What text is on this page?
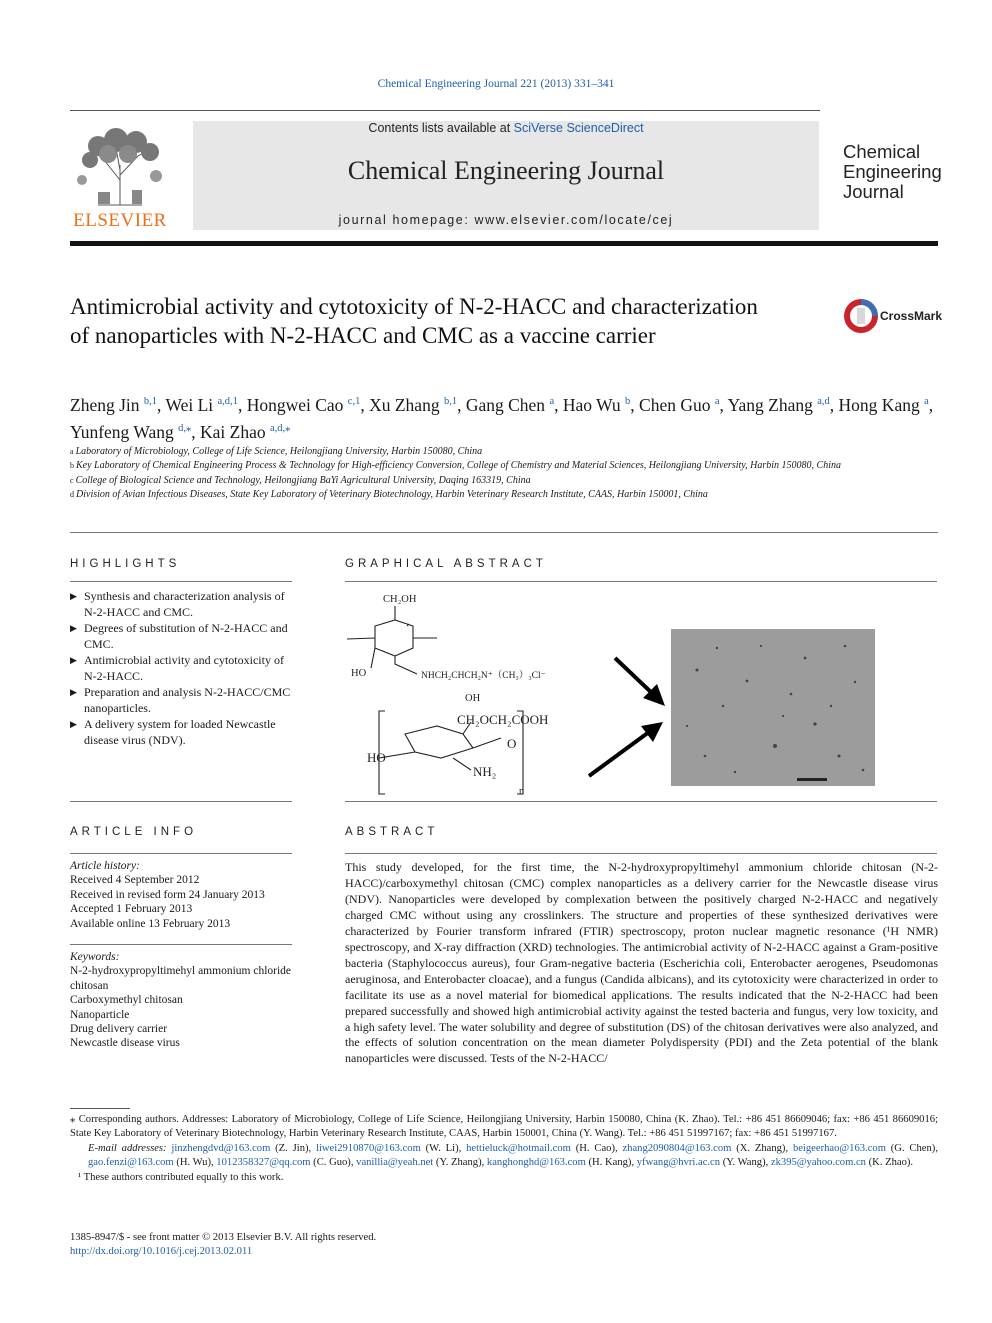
Chemical Engineering Journal 221 (2013) 331–341
ELSEVIER
Contents lists available at SciVerse ScienceDirect
Chemical Engineering Journal
journal homepage: www.elsevier.com/locate/cej
Chemical
Engineering
Journal
Antimicrobial activity and cytotoxicity of N-2-HACC and characterization of nanoparticles with N-2-HACC and CMC as a vaccine carrier
CrossMark
Zheng Jin $^{b,1}$, Wei Li $^{a,d,1}$, Hongwei Cao $^{c,1}$, Xu Zhang $^{b,1}$, Gang Chen $^a$, Hao Wu $^b$, Chen Guo $^a$, Yang Zhang $^{a,d}$, Hong Kang $^a$, Yunfeng Wang $^{d,⁎}$, Kai Zhao $^{a,d,⁎}$
$^a$ Laboratory of Microbiology, College of Life Science, Heilongjiang University, Harbin 150080, China
$^b$ Key Laboratory of Chemical Engineering Process & Technology for High-efficiency Conversion, College of Chemistry and Material Sciences, Heilongjiang University, Harbin 150080, China
$^c$ College of Biological Science and Technology, Heilongjiang BaYi Agricultural University, Daqing 163319, China
$^d$ Division of Avian Infectious Diseases, State Key Laboratory of Veterinary Biotechnology, Harbin Veterinary Research Institute, CAAS, Harbin 150001, China
HIGHLIGHTS
▶ Synthesis and characterization analysis of N-2-HACC and CMC.
▶ Degrees of substitution of N-2-HACC and CMC.
▶ Antimicrobial activity and cytotoxicity of N-2-HACC.
▶ Preparation and analysis N-2-HACC/CMC nanoparticles.
▶ A delivery system for loaded Newcastle disease virus (NDV).
GRAPHICAL ABSTRACT
CH₂OH
HO	NHCH₂CHCH₂N⁺（CH₃）₃Cl⁻
OH
CH₂OCH₂COOH
HO
O
NH₂
n
ARTICLE INFO
Article history:
Received 4 September 2012
Received in revised form 24 January 2013
Accepted 1 February 2013
Available online 13 February 2013
Keywords:
N-2-hydroxypropyltimehyl ammonium chloride chitosan
Carboxymethyl chitosan
Nanoparticle
Drug delivery carrier
Newcastle disease virus
ABSTRACT
This study developed, for the first time, the N-2-hydroxypropyltimehyl ammonium chloride chitosan (N-2-HACC)/carboxymethyl chitosan (CMC) complex nanoparticles as a delivery carrier for the Newcastle disease virus (NDV). Nanoparticles were developed by complexation between the positively charged N-2-HACC and negatively charged CMC without using any crosslinkers. The structure and properties of these synthesized derivatives were characterized by Fourier transform infrared (FTIR) spectroscopy, proton nuclear magnetic resonance (¹H NMR) spectroscopy, and X-ray diffraction (XRD) technologies. The antimicrobial activity of N-2-HACC against a Gram-positive bacteria (Staphylococcus aureus), four Gram-negative bacteria (Escherichia coli, Enterobacter aerogenes, Pseudomonas aeruginosa, and Enterobacter cloacae), and a fungus (Candida albicans), and its cytotoxicity were characterized in order to facilitate its use as a novel material for biomedical applications. The results indicated that the N-2-HACC had been prepared successfully and showed high antimicrobial activity against the tested bacteria and fungus, very low toxicity, and a high safety level. The water solubility and degree of substitution (DS) of the chitosan derivatives were also analyzed, and the effects of solution concentration on the mean diameter Polydispersity (PDI) and the Zeta potential of the blank nanoparticles were discussed. Tests of the N-2-HACC/

⁎ Corresponding authors. Addresses: Laboratory of Microbiology, College of Life Science, Heilongjiang University, Harbin 150080, China (K. Zhao). Tel.: +86 451 86609046; fax: +86 451 86609016; State Key Laboratory of Veterinary Biotechnology, Harbin Veterinary Research Institute, CAAS, Harbin 150001, China (Y. Wang). Tel.: +86 451 51997167; fax: +86 451 51997167.

E-mail addresses: jinzhengdvd@163.com (Z. Jin), liwei2910870@163.com (W. Li), hettieluck@hotmail.com (H. Cao), zhang2090804@163.com (X. Zhang), beigeerhao@163.com (G. Chen), gao.fenzi@163.com (H. Wu), 1012358327@qq.com (C. Guo), vanillia@yeah.net (Y. Zhang), kanghonghd@163.com (H. Kang), yfwang@hvri.ac.cn (Y. Wang), zk395@yahoo.com.cn (K. Zhao).

¹ These authors contributed equally to this work.

1385-8947/$ - see front matter © 2013 Elsevier B.V. All rights reserved.
http://dx.doi.org/10.1016/j.cej.2013.02.011
